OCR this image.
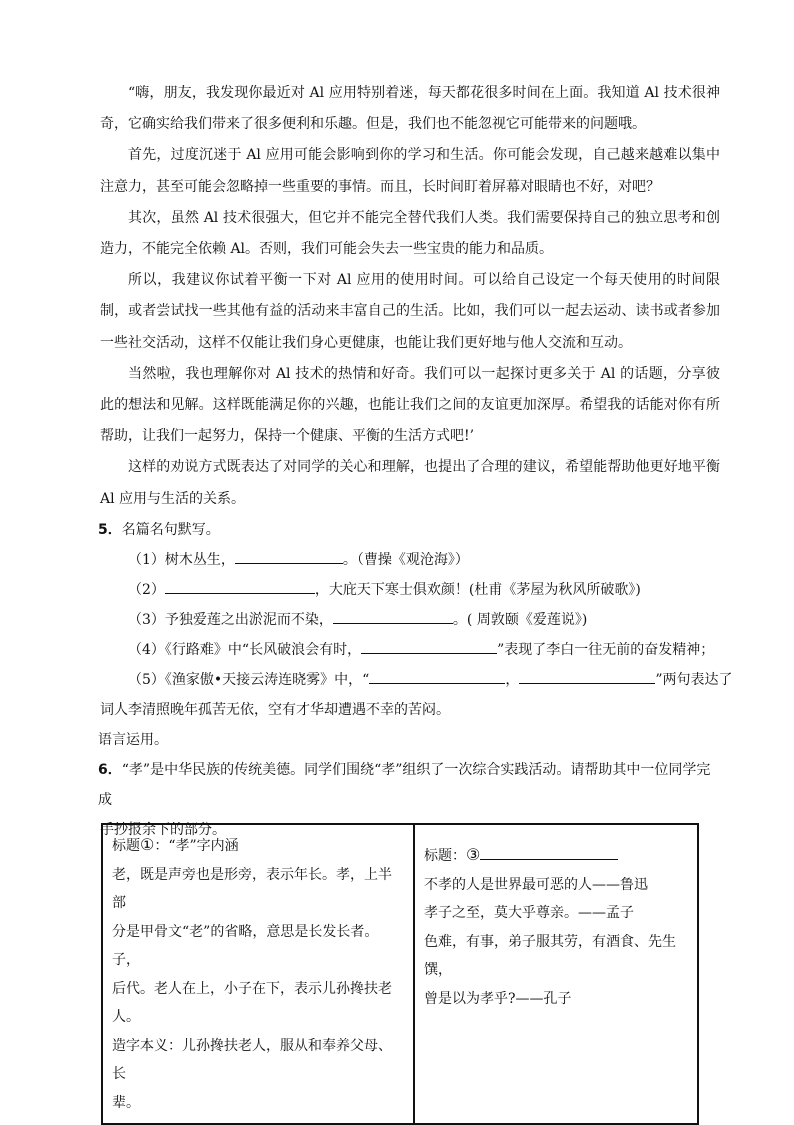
“嗨，朋友，我发现你最近对 Al 应用特别着迷，每天都花很多时间在上面。我知道 Al 技术很神奇，它确实给我们带来了很多便利和乐趣。但是，我们也不能忽视它可能带来的问题哦。

首先，过度沉迷于 Al 应用可能会影响到你的学习和生活。你可能会发现，自己越来越难以集中注意力，甚至可能会忽略掉一些重要的事情。而且，长时间盯着屏幕对眼睛也不好，对吧？

其次，虽然 Al 技术很强大，但它并不能完全替代我们人类。我们需要保持自己的独立思考和创造力，不能完全依赖 Al。否则，我们可能会失去一些宝贵的能力和品质。

所以，我建议你试着平衡一下对 Al 应用的使用时间。可以给自己设定一个每天使用的时间限制，或者尝试找一些其他有益的活动来丰富自己的生活。比如，我们可以一起去运动、读书或者参加一些社交活动，这样不仅能让我们身心更健康，也能让我们更好地与他人交流和互动。

当然啦，我也理解你对 Al 技术的热情和好奇。我们可以一起探讨更多关于 Al 的话题，分享彼此的想法和见解。这样既能满足你的兴趣，也能让我们之间的友谊更加深厚。希望我的话能对你有所帮助，让我们一起努力，保持一个健康、平衡的生活方式吧!’

这样的劝说方式既表达了对同学的关心和理解，也提出了合理的建议，希望能帮助他更好地平衡 Al 应用与生活的关系。

5．名篇名句默写。

（1）树木丛生，	。（曹操《观沧海》）

（2）	，大庇天下寒士俱欢颜！(杜甫《茅屋为秋风所破歌》)

（3）予独爱莲之出淤泥而不染，	。( 周敦颐《爱莲说》)

（4）《行路难》中“长风破浪会有时，	”表现了李白一往无前的奋发精神；

（5）《渔家傲•天接云涛连晓雾》中，“	，	”两句表达了

词人李清照晚年孤苦无依，空有才华却遭遇不幸的苦闷。

语言运用。

6．“孝”是中华民族的传统美德。同学们围绕“孝”组织了一次综合实践活动。请帮助其中一位同学完成

手抄报余下的部分。

标题①：“孝”字内涵

老，既是声旁也是形旁，表示年长。孝，上半部

分是甲骨文“老”的省略，意思是长发长者。子，

后代。老人在上，小子在下，表示儿孙搀扶老人。

造字本义：儿孙搀扶老人，服从和奉养父母、长

辈。

标题：③

不孝的人是世界最可恶的人——鲁迅

孝子之至，莫大乎尊亲。——孟子

色难，有事，弟子服其劳，有酒食、先生馔，

曾是以为孝乎?——孔子
